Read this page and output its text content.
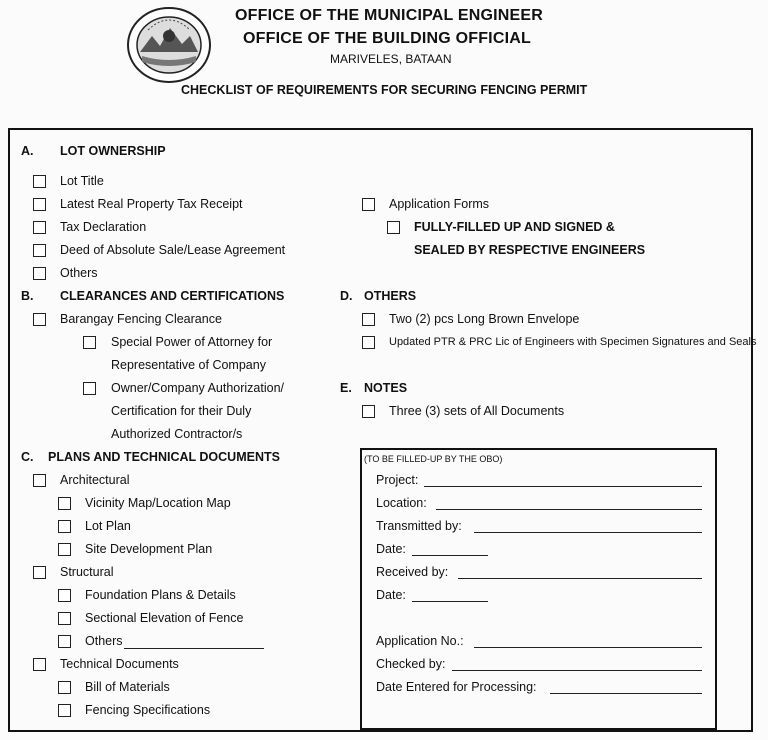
OFFICE OF THE MUNICIPAL ENGINEER
OFFICE OF THE BUILDING OFFICIAL
MARIVELES, BATAAN
CHECKLIST OF REQUIREMENTS FOR SECURING FENCING PERMIT
A. LOT OWNERSHIP
Lot Title
Latest Real Property Tax Receipt
Tax Declaration
Deed of Absolute Sale/Lease Agreement
Others
Application Forms
FULLY-FILLED UP AND SIGNED &
SEALED BY RESPECTIVE ENGINEERS
B. CLEARANCES AND CERTIFICATIONS
Barangay Fencing Clearance
Special Power of Attorney for
Representative of Company
Owner/Company Authorization/
Certification for their Duly
Authorized Contractor/s
D. OTHERS
Two (2) pcs Long Brown Envelope
Updated PTR & PRC Lic of Engineers with Specimen Signatures and Seals
E. NOTES
Three (3) sets of All Documents
C. PLANS AND TECHNICAL DOCUMENTS
Architectural
Vicinity Map/Location Map
Lot Plan
Site Development Plan
Structural
Foundation Plans & Details
Sectional Elevation of Fence
Others
Technical Documents
Bill of Materials
Fencing Specifications
(TO BE FILLED-UP BY THE OBO)
Project:
Location:
Transmitted by:
Date:
Received by:
Date:
Application No.:
Checked by:
Date Entered for Processing:
